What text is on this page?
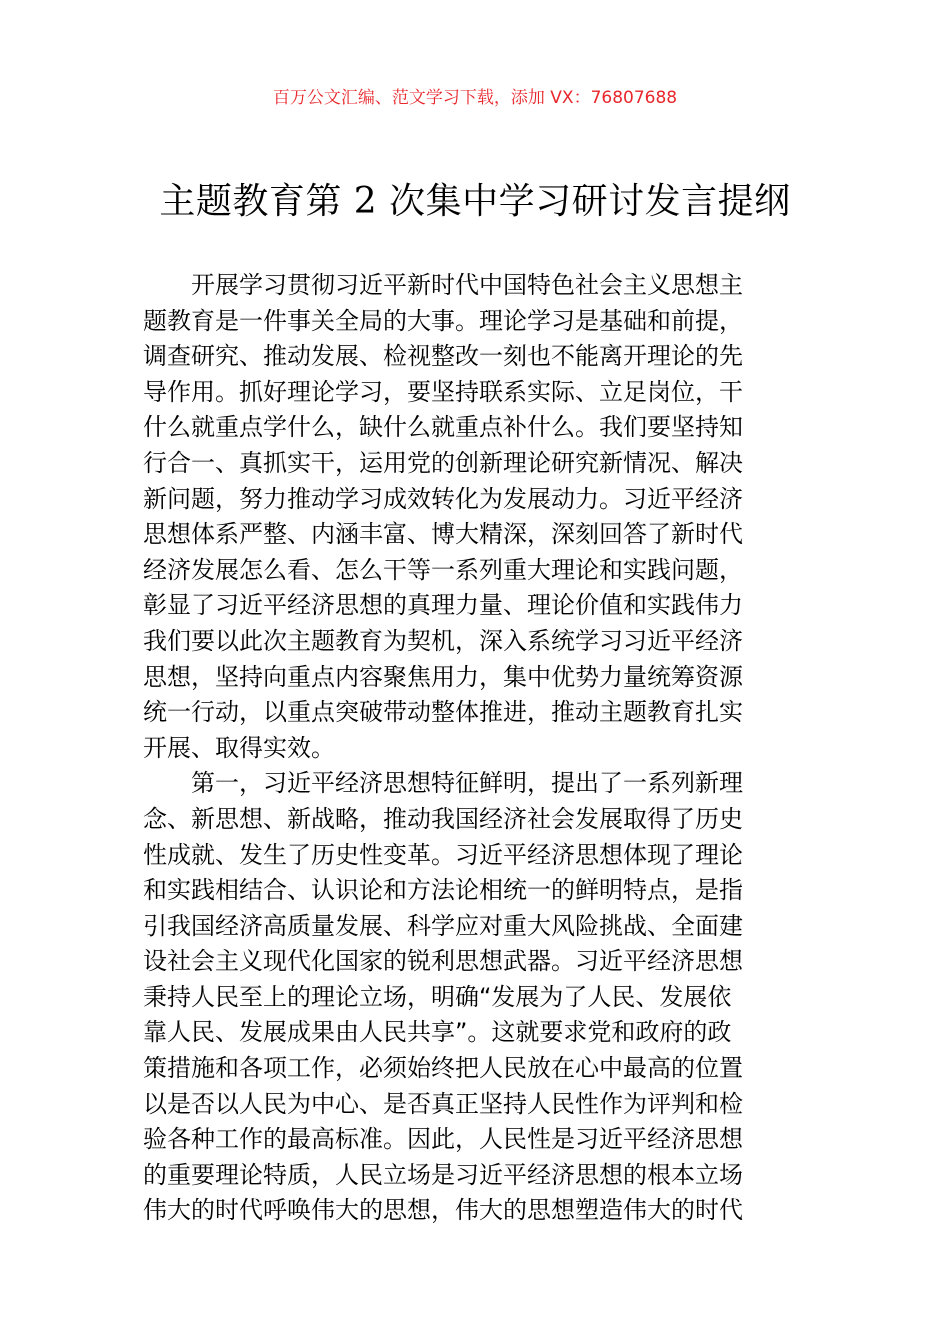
百万公文汇编、范文学习下载，添加 VX：76807688
主题教育第 2 次集中学习研讨发言提纲
　　开展学习贯彻习近平新时代中国特色社会主义思想主
题教育是一件事关全局的大事。理论学习是基础和前提，
调查研究、推动发展、检视整改一刻也不能离开理论的先
导作用。抓好理论学习，要坚持联系实际、立足岗位，干
什么就重点学什么，缺什么就重点补什么。我们要坚持知
行合一、真抓实干，运用党的创新理论研究新情况、解决
新问题，努力推动学习成效转化为发展动力。习近平经济
思想体系严整、内涵丰富、博大精深，深刻回答了新时代
经济发展怎么看、怎么干等一系列重大理论和实践问题，
彰显了习近平经济思想的真理力量、理论价值和实践伟力
我们要以此次主题教育为契机，深入系统学习习近平经济
思想，坚持向重点内容聚焦用力，集中优势力量统筹资源
统一行动，以重点突破带动整体推进，推动主题教育扎实
开展、取得实效。
　　第一，习近平经济思想特征鲜明，提出了一系列新理
念、新思想、新战略，推动我国经济社会发展取得了历史
性成就、发生了历史性变革。习近平经济思想体现了理论
和实践相结合、认识论和方法论相统一的鲜明特点，是指
引我国经济高质量发展、科学应对重大风险挑战、全面建
设社会主义现代化国家的锐利思想武器。习近平经济思想
秉持人民至上的理论立场，明确“发展为了人民、发展依
靠人民、发展成果由人民共享”。这就要求党和政府的政
策措施和各项工作，必须始终把人民放在心中最高的位置
以是否以人民为中心、是否真正坚持人民性作为评判和检
验各种工作的最高标准。因此，人民性是习近平经济思想
的重要理论特质，人民立场是习近平经济思想的根本立场
伟大的时代呼唤伟大的思想，伟大的思想塑造伟大的时代
